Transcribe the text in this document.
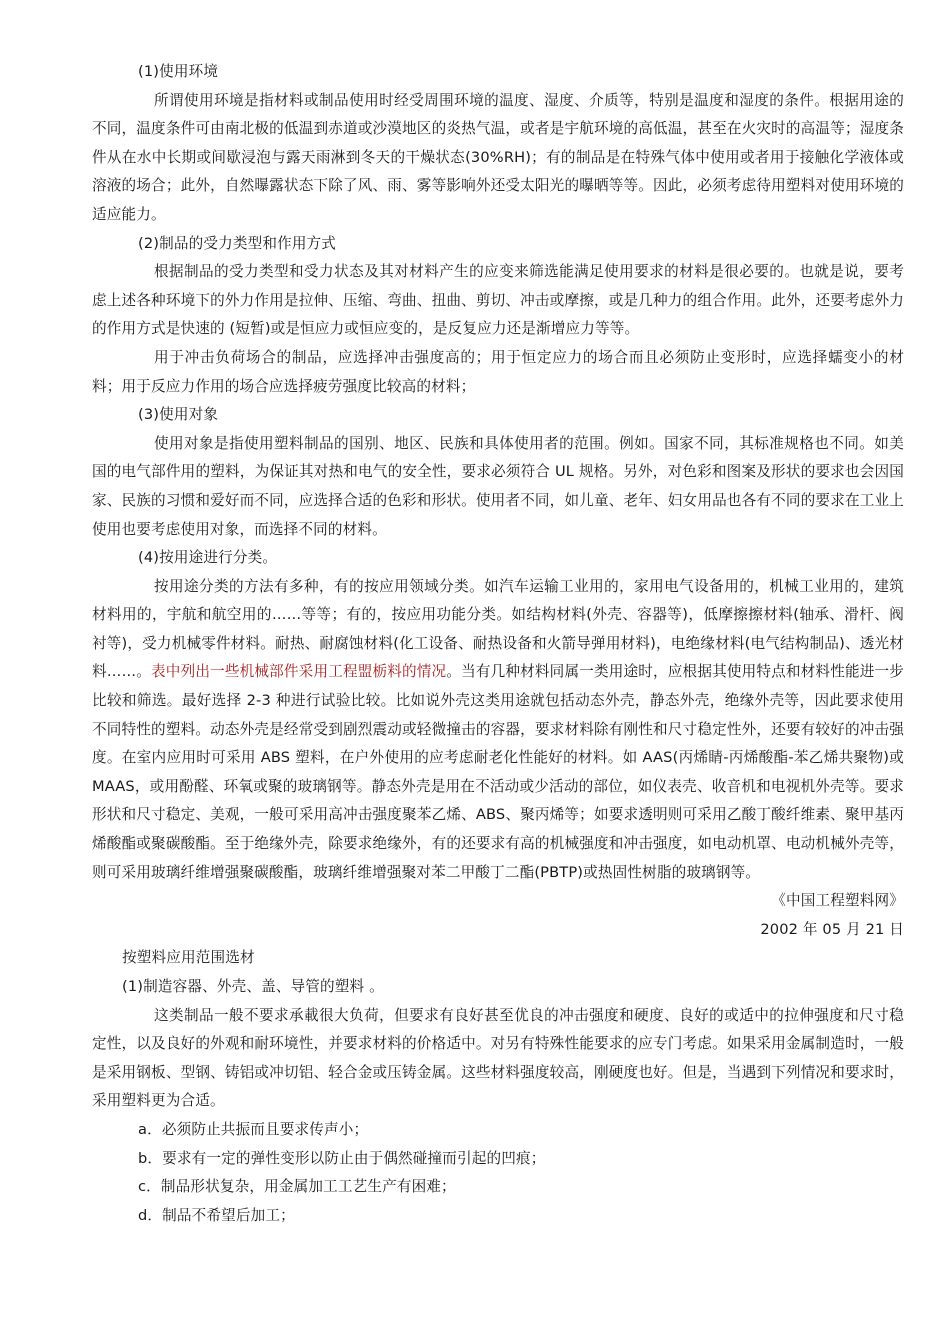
(1)使用环境

所谓使用环境是指材料或制品使用时经受周围环境的温度、湿度、介质等，特别是温度和湿度的条件。根据用途的不同，温度条件可由南北极的低温到赤道或沙漠地区的炎热气温，或者是宇航环境的高低温，甚至在火灾时的高温等；湿度条件从在水中长期或间歇浸泡与露天雨淋到冬天的干燥状态(30%RH)；有的制品是在特殊气体中使用或者用于接触化学液体或溶液的场合；此外，自然曝露状态下除了风、雨、雾等影响外还受太阳光的曝晒等等。因此，必须考虑待用塑料对使用环境的适应能力。

(2)制品的受力类型和作用方式

根据制品的受力类型和受力状态及其对材料产生的应变来筛选能满足使用要求的材料是很必要的。也就是说，要考虑上述各种环境下的外力作用是拉伸、压缩、弯曲、扭曲、剪切、冲击或摩擦，或是几种力的组合作用。此外，还要考虑外力的作用方式是快速的 (短暂)或是恒应力或恒应变的，是反复应力还是渐增应力等等。

用于冲击负荷场合的制品，应选择冲击强度高的；用于恒定应力的场合而且必须防止变形时，应选择蠕变小的材料；用于反应力作用的场合应选择疲劳强度比较高的材料；

(3)使用对象

使用对象是指使用塑料制品的国别、地区、民族和具体使用者的范围。例如。国家不同，其标准规格也不同。如美国的电气部件用的塑料，为保证其对热和电气的安全性，要求必须符合 UL 规格。另外，对色彩和图案及形状的要求也会因国家、民族的习惯和爱好而不同，应选择合适的色彩和形状。使用者不同，如儿童、老年、妇女用品也各有不同的要求在工业上使用也要考虑使用对象，而选择不同的材料。

(4)按用途进行分类。

按用途分类的方法有多种，有的按应用领域分类。如汽车运输工业用的，家用电气设备用的，机械工业用的，建筑材料用的，宇航和航空用的……等等；有的，按应用功能分类。如结构材料(外壳、容器等)，低摩擦擦材料(轴承、滑杆、阀衬等)，受力机械零件材料。耐热、耐腐蚀材料(化工设备、耐热设备和火箭导弹用材料)，电绝缘材料(电气结构制品)、透光材料……。表中列出一些机械部件采用工程盟栃料的情况。当有几种材料同属一类用途时，应根据其使用特点和材料性能进一步比较和筛选。最好选择 2-3 种进行试验比较。比如说外壳这类用途就包括动态外壳，静态外壳，绝缘外壳等，因此要求使用不同特性的塑料。动态外壳是经常受到剧烈震动或轻微撞击的容器，要求材料除有刚性和尺寸稳定性外，还要有较好的冲击强度。在室内应用时可采用 ABS 塑料，在户外使用的应考虑耐老化性能好的材料。如 AAS(丙烯睛-丙烯酸酯-苯乙烯共聚物)或 MAAS，或用酚醛、环氧或聚的玻璃钢等。静态外壳是用在不活动或少活动的部位，如仪表壳、收音机和电视机外壳等。要求形状和尺寸稳定、美观，一般可采用高冲击强度聚苯乙烯、ABS、聚丙烯等；如要求透明则可采用乙酸丁酸纤维素、聚甲基丙烯酸酯或聚碳酸酯。至于绝缘外壳，除要求绝缘外，有的还要求有高的机械强度和冲击强度，如电动机罩、电动机械外壳等，则可采用玻璃纤维增强聚碳酸酯，玻璃纤维增强聚对苯二甲酸丁二酯(PBTP)或热固性树脂的玻璃钢等。

《中国工程塑料网》

2002 年 05 月 21 日

按塑料应用范围选材

(1)制造容器、外壳、盖、导管的塑料 。

这类制品一般不要求承載很大负荷，但要求有良好甚至优良的冲击强度和硬度、良好的或适中的拉伸强度和尺寸稳定性，以及良好的外观和耐环境性，并要求材料的价格适中。对另有特殊性能要求的应专门考虑。如果采用金属制造时，一般是采用钢板、型钢、铸铝或冲切铝、轻合金或压铸金属。这些材料强度较高，刚硬度也好。但是，当遇到下列情况和要求时，采用塑料更为合适。

a．必须防止共振而且要求传声小；

b．要求有一定的弹性变形以防止由于偶然碰撞而引起的凹痕；

c．制品形状复杂，用金属加工工艺生产有困难；

d．制品不希望后加工；
